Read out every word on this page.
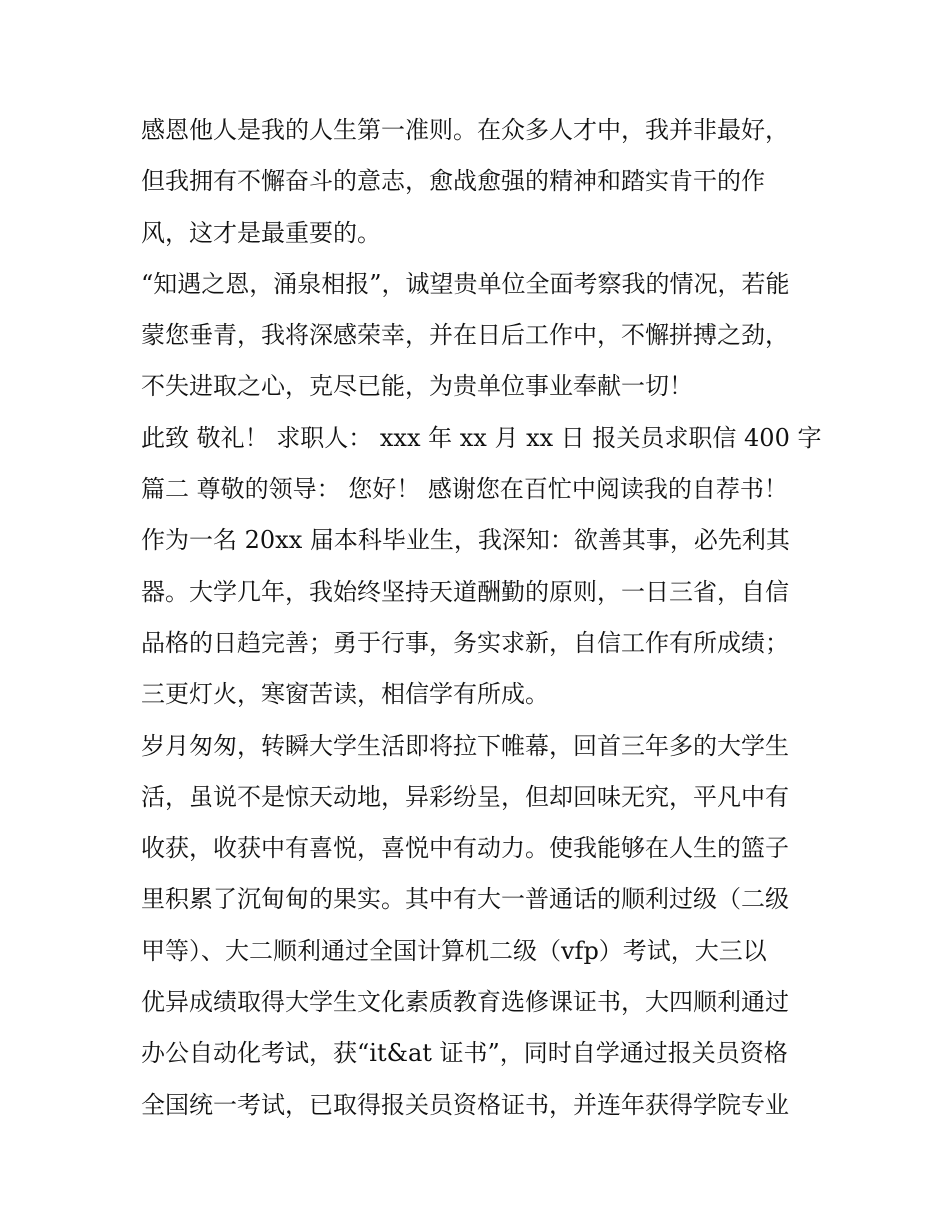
感恩他人是我的人生第一准则。在众多人才中，我并非最好，
但我拥有不懈奋斗的意志，愈战愈强的精神和踏实肯干的作
风，这才是最重要的。
“知遇之恩，涌泉相报”，诚望贵单位全面考察我的情况，若能
蒙您垂青，我将深感荣幸，并在日后工作中，不懈拼搏之劲，
不失进取之心，克尽已能，为贵单位事业奉献一切！
此致 敬礼！ 求职人： xxx 年 xx 月 xx 日 报关员求职信 400 字
篇二 尊敬的领导： 您好！ 感谢您在百忙中阅读我的自荐书！
作为一名 20xx 届本科毕业生，我深知：欲善其事，必先利其
器。大学几年，我始终坚持天道酬勤的原则，一日三省，自信
品格的日趋完善；勇于行事，务实求新，自信工作有所成绩；
三更灯火，寒窗苦读，相信学有所成。
岁月匆匆，转瞬大学生活即将拉下帷幕，回首三年多的大学生
活，虽说不是惊天动地，异彩纷呈，但却回味无究，平凡中有
收获，收获中有喜悦，喜悦中有动力。使我能够在人生的篮子
里积累了沉甸甸的果实。其中有大一普通话的顺利过级（二级
甲等）、大二顺利通过全国计算机二级（vfp）考试，大三以
优异成绩取得大学生文化素质教育选修课证书，大四顺利通过
办公自动化考试，获“it&at 证书”，同时自学通过报关员资格
全国统一考试，已取得报关员资格证书，并连年获得学院专业
